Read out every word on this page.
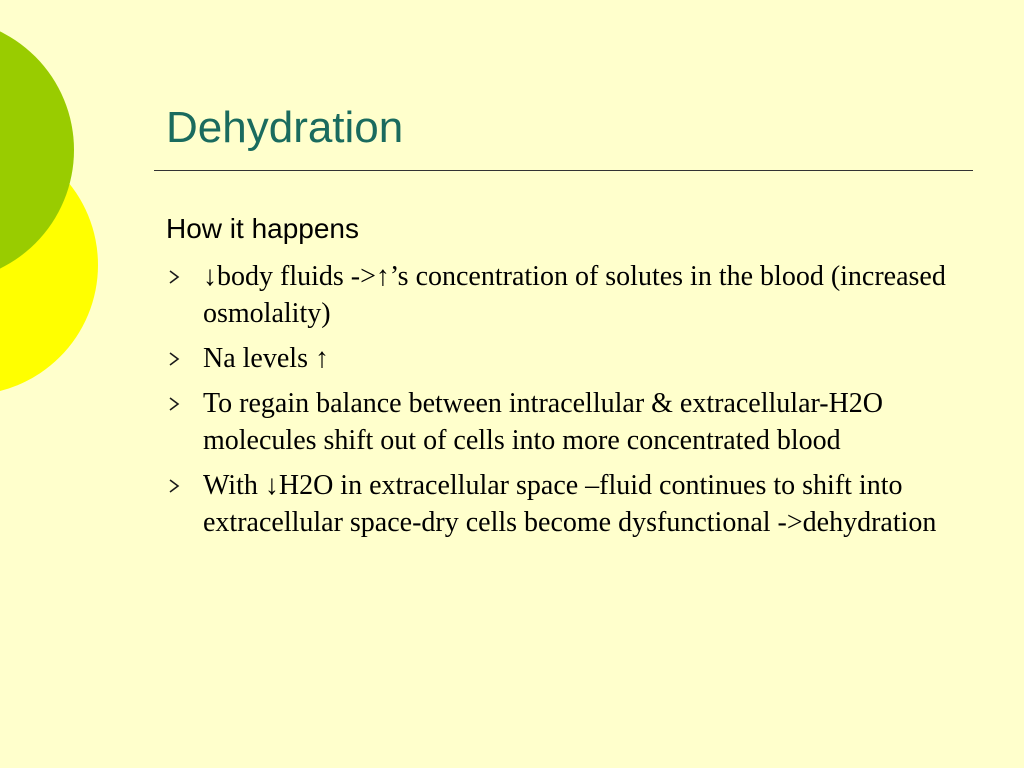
Dehydration

How it happens

↓body fluids ->↑’s concentration of solutes in the blood (increased osmolality)
Na levels ↑
To regain balance between intracellular & extracellular-H2O molecules shift out of cells into more concentrated blood
With ↓H2O in extracellular space –fluid continues to shift into extracellular space-dry cells become dysfunctional ->dehydration
